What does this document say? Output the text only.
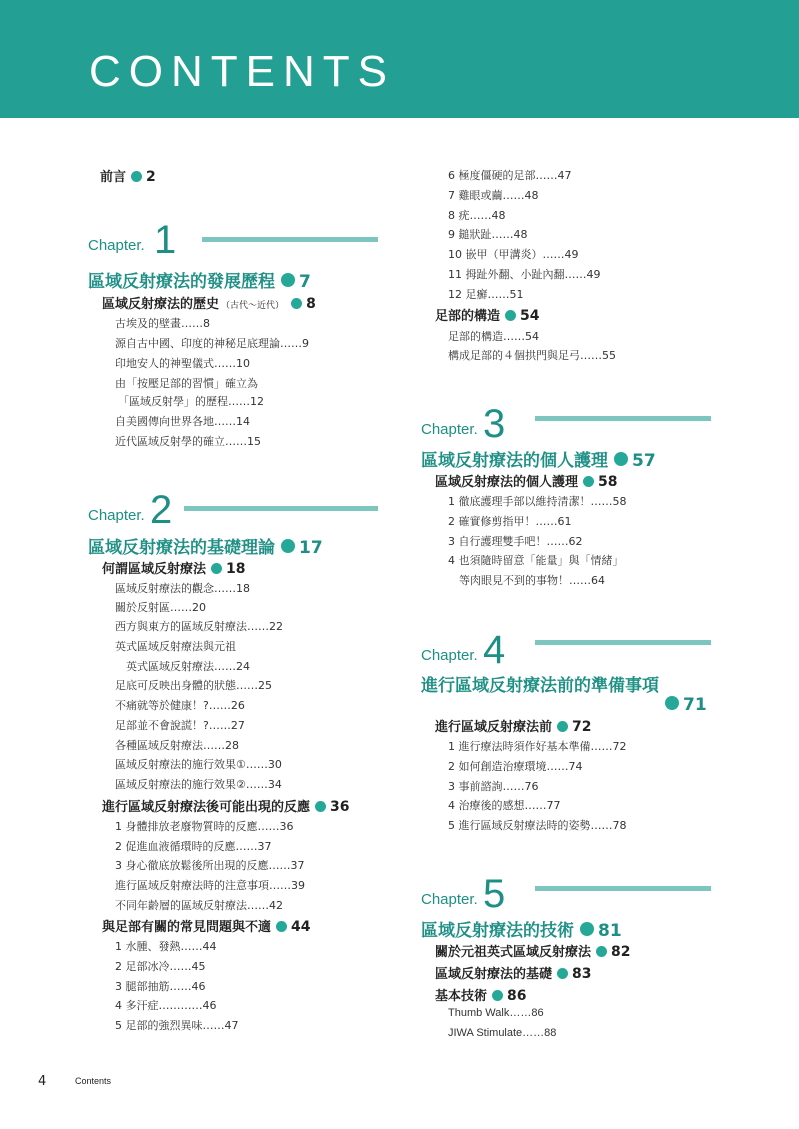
CONTENTS
前言 2
Chapter. 1
區域反射療法的發展歷程 7
區域反射療法的歷史 （古代～近代） 8
古埃及的壁畫……8
源自古中國、印度的神秘足底理論……9
印地安人的神聖儀式……10
由「按壓足部的習慣」確立為
「區域反射學」的歷程……12
自美國傳向世界各地……14
近代區域反射學的確立……15
Chapter. 2
區域反射療法的基礎理論 17
何謂區域反射療法 18
區域反射療法的觀念……18
關於反射區……20
西方與東方的區域反射療法……22
英式區域反射療法與元祖
英式區域反射療法……24
足底可反映出身體的狀態……25
不痛就等於健康！?……26
足部並不會說謊！?……27
各種區域反射療法……28
區域反射療法的施行效果①……30
區域反射療法的施行效果②……34
進行區域反射療法後可能出現的反應 36
1 身體排放老廢物質時的反應……36
2 促進血液循環時的反應……37
3 身心徹底放鬆後所出現的反應……37
進行區域反射療法時的注意事項……39
不同年齡層的區域反射療法……42
與足部有關的常見問題與不適 44
1 水腫、發熱……44
2 足部冰冷……45
3 腿部抽筋……46
4 多汗症…………46
5 足部的強烈異味……47
6 極度僵硬的足部……47
7 雞眼或繭……48
8 疣……48
9 鎚狀趾……48
10 嵌甲（甲溝炎）……49
11 拇趾外翻、小趾內翻……49
12 足癬……51
足部的構造 54
足部的構造……54
構成足部的４個拱門與足弓……55
Chapter. 3
區域反射療法的個人護理 57
區域反射療法的個人護理 58
1 徹底護理手部以維持清潔！……58
2 確實修剪指甲！……61
3 自行護理雙手吧！……62
4 也須隨時留意「能量」與「情緒」
等肉眼見不到的事物！……64
Chapter. 4
進行區域反射療法前的準備事項
71
進行區域反射療法前 72
1 進行療法時須作好基本準備……72
2 如何創造治療環境……74
3 事前諮詢……76
4 治療後的感想……77
5 進行區域反射療法時的姿勢……78
Chapter. 5
區域反射療法的技術 81
關於元祖英式區域反射療法 82
區域反射療法的基礎 83
基本技術 86
Thumb Walk……86
JIWA Stimulate……88
4	Contents
